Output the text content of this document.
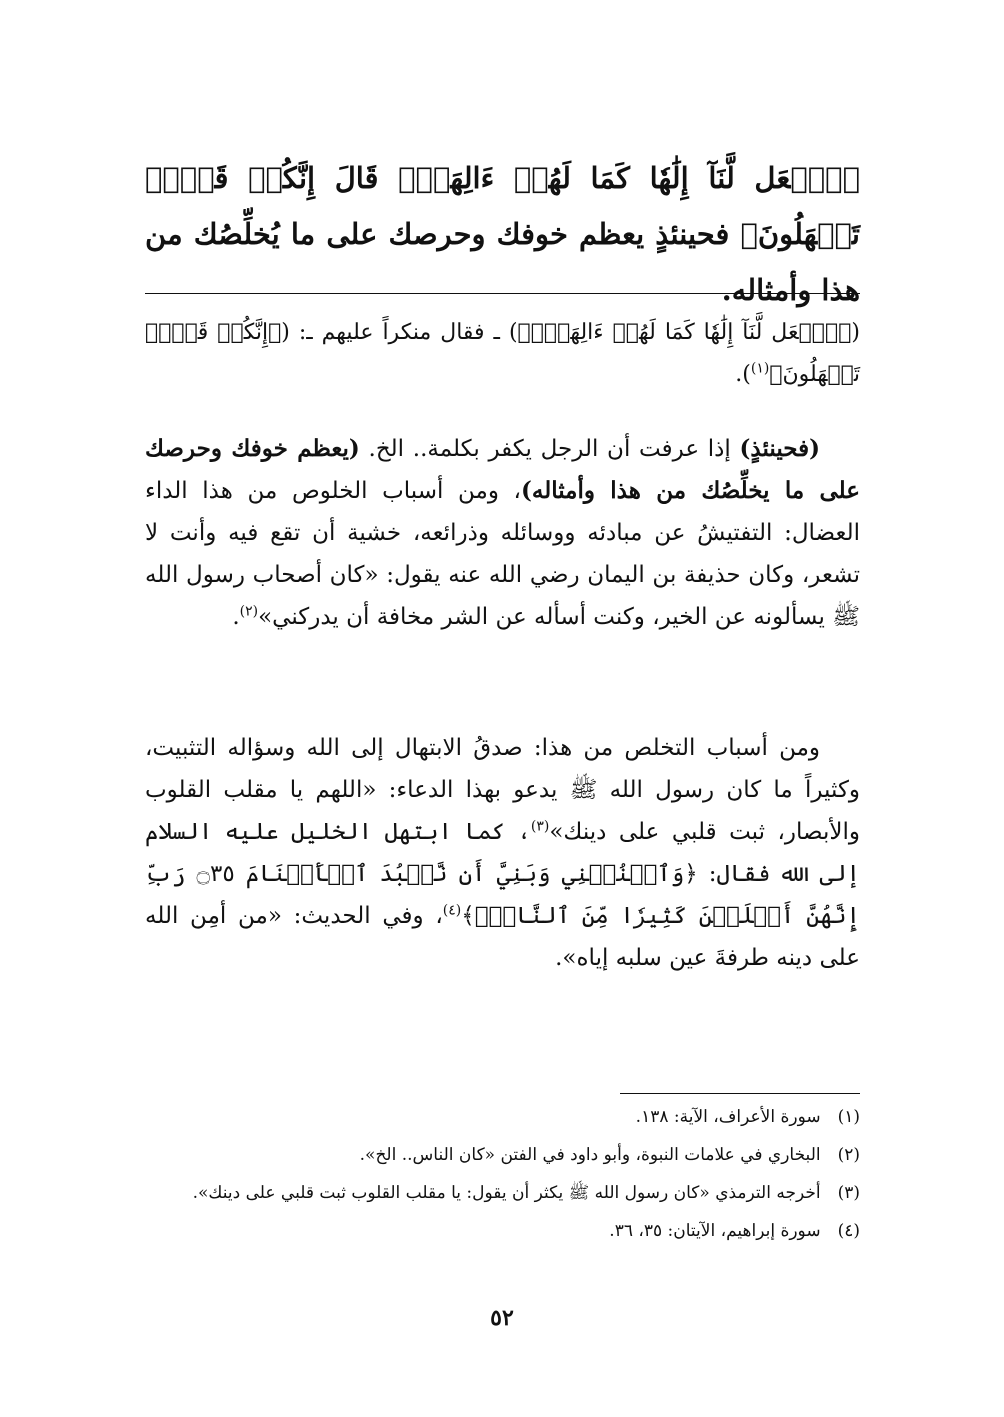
﴿ٱجۡعَل لَّنَآ إِلَٰهٗا كَمَا لَهُمۡ ءَالِهَةٞۚ قَالَ إِنَّكُمۡ قَوۡمٞ تَجۡهَلُونَ﴾ فحينئذٍ يعظم خوفك وحرصك على ما يُخلِّصُك من هذا وأمثاله.

(﴿ٱجۡعَل لَّنَآ إِلَٰهٗا كَمَا لَهُمۡ ءَالِهَةٞۚ﴾) ـ فقال منكراً عليهم ـ: (﴿إِنَّكُمۡ قَوۡمٞ تَجۡهَلُونَ﴾$^{(١)}$).

(فحينئذٍ) إذا عرفت أن الرجل يكفر بكلمة.. الخ. (يعظم خوفك وحرصك على ما يخلِّصُك من هذا وأمثاله)، ومن أسباب الخلوص من هذا الداء العضال: التفتيشُ عن مبادئه ووسائله وذرائعه، خشية أن تقع فيه وأنت لا تشعر، وكان حذيفة بن اليمان رضي الله عنه يقول: «كان أصحاب رسول الله ﷺ يسألونه عن الخير، وكنت أسأله عن الشر مخافة أن يدركني»$^{(٢)}$.

ومن أسباب التخلص من هذا: صدقُ الابتهال إلى الله وسؤاله التثبيت، وكثيراً ما كان رسول الله ﷺ يدعو بهذا الدعاء: «اللهم يا مقلب القلوب والأبصار، ثبت قلبي على دينك»$^{(٣)}$، كما ابتهل الخليل عليه السلام إلى الله فقال: ﴿وَٱجۡنُبۡنِي وَبَنِيَّ أَن نَّعۡبُدَ ٱلۡأَصۡنَامَ ۝٣٥ رَبِّ إِنَّهُنَّ أَضۡلَلۡنَ كَثِيرٗا مِّنَ ٱلنَّاسِۖ﴾$^{(٤)}$، وفي الحديث: «من أمِن الله على دينه طرفةَ عين سلبه إياه».

(١) سورة الأعراف، الآية: ١٣٨.
(٢) البخاري في علامات النبوة، وأبو داود في الفتن «كان الناس.. الخ».
(٣) أخرجه الترمذي «كان رسول الله ﷺ يكثر أن يقول: يا مقلب القلوب ثبت قلبي على دينك».
(٤) سورة إبراهيم، الآيتان: ٣٥، ٣٦.
٥٢
